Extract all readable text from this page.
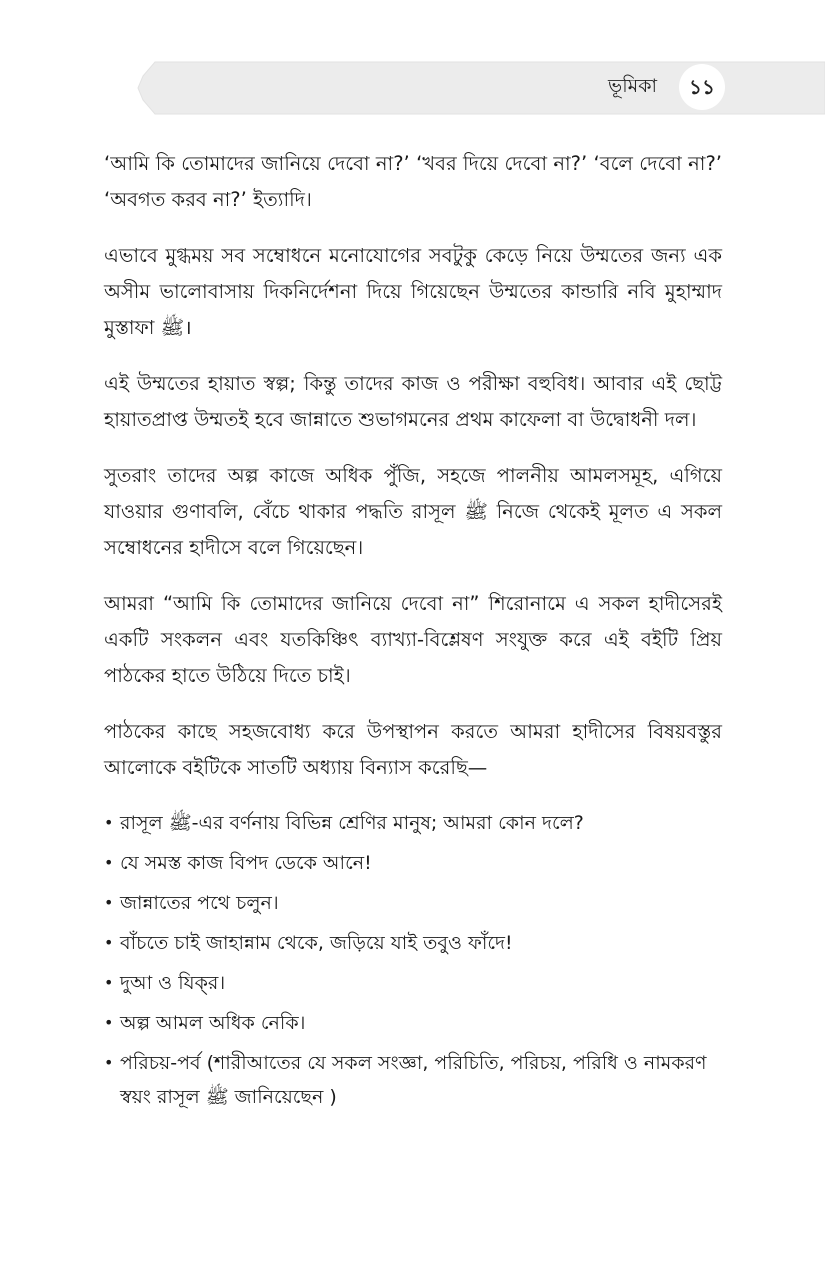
ভূমিকা	১১

‘আমি কি তোমাদের জানিয়ে দেবো না?’ ‘খবর দিয়ে দেবো না?’ ‘বলে দেবো না?’ ‘অবগত করব না?’ ইত্যাদি।

এভাবে মুগ্ধময় সব সম্বোধনে মনোযোগের সবটুকু কেড়ে নিয়ে উম্মতের জন্য এক অসীম ভালোবাসায় দিকনির্দেশনা দিয়ে গিয়েছেন উম্মতের কান্ডারি নবি মুহাম্মাদ মুস্তাফা ﷺ।

এই উম্মতের হায়াত স্বল্প; কিন্তু তাদের কাজ ও পরীক্ষা বহুবিধ। আবার এই ছোট্ট হায়াতপ্রাপ্ত উম্মতই হবে জান্নাতে শুভাগমনের প্রথম কাফেলা বা উদ্বোধনী দল।

সুতরাং তাদের অল্প কাজে অধিক পুঁজি, সহজে পালনীয় আমলসমূহ, এগিয়ে যাওয়ার গুণাবলি, বেঁচে থাকার পদ্ধতি রাসূল ﷺ নিজে থেকেই মূলত এ সকল সম্বোধনের হাদীসে বলে গিয়েছেন।

আমরা “আমি কি তোমাদের জানিয়ে দেবো না” শিরোনামে এ সকল হাদীসেরই একটি সংকলন এবং যতকিঞ্চিৎ ব্যাখ্যা-বিশ্লেষণ সংযুক্ত করে এই বইটি প্রিয় পাঠকের হাতে উঠিয়ে দিতে চাই।

পাঠকের কাছে সহজবোধ্য করে উপস্থাপন করতে আমরা হাদীসের বিষয়বস্তুর আলোকে বইটিকে সাতটি অধ্যায় বিন্যাস করেছি—

• রাসূল ﷺ-এর বর্ণনায় বিভিন্ন শ্রেণির মানুষ; আমরা কোন দলে?
• যে সমস্ত কাজ বিপদ ডেকে আনে!
• জান্নাতের পথে চলুন।
• বাঁচতে চাই জাহান্নাম থেকে, জড়িয়ে যাই তবুও ফাঁদে!
• দুআ ও যিক্‌র।
• অল্প আমল অধিক নেকি।
• পরিচয়-পর্ব (শারীআতের যে সকল সংজ্ঞা, পরিচিতি, পরিচয়, পরিধি ও নামকরণ স্বয়ং রাসূল ﷺ জানিয়েছেন )
